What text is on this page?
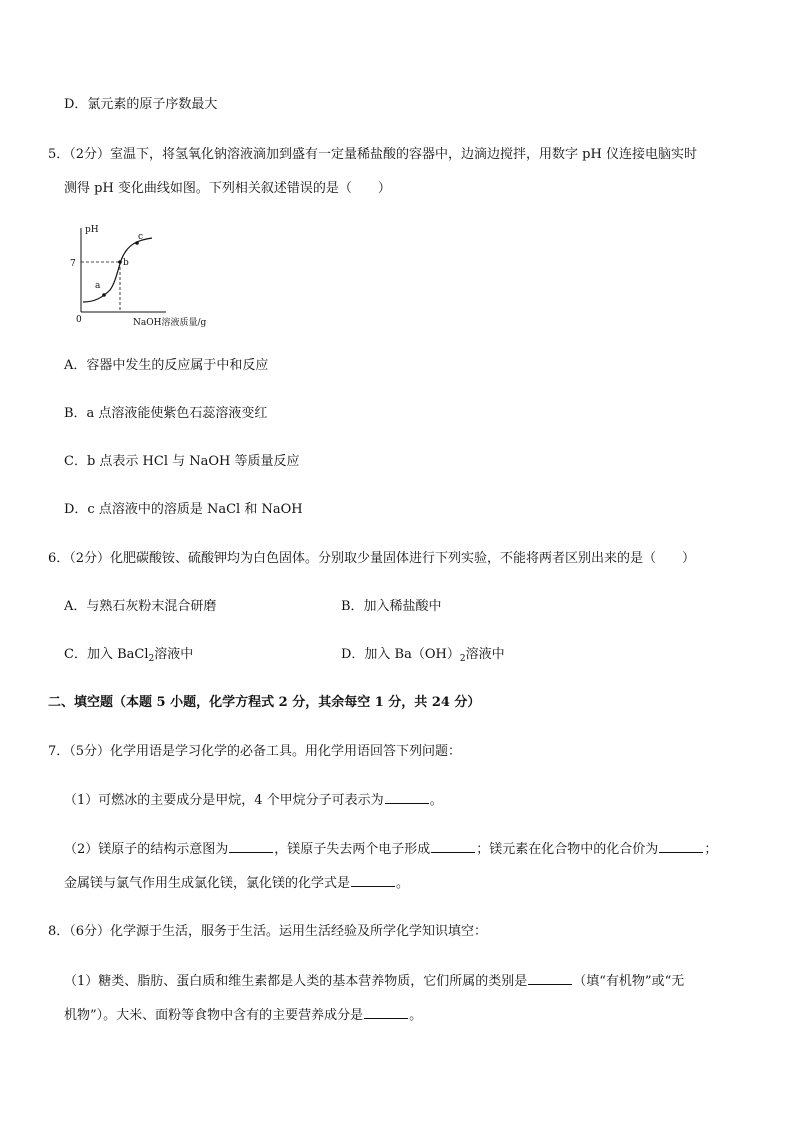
D．氯元素的原子序数最大
5．（2分）室温下，将氢氧化钠溶液滴加到盛有一定量稀盐酸的容器中，边滴边搅拌，用数字 pH 仪连接电脑实时
测得 pH 变化曲线如图。下列相关叙述错误的是（　　）
pH
0
7
a
b
c
NaOH溶液质量/g
A．容器中发生的反应属于中和反应
B．a 点溶液能使紫色石蕊溶液变红
C．b 点表示 HCl 与 NaOH 等质量反应
D．c 点溶液中的溶质是 NaCl 和 NaOH
6．（2分）化肥碳酸铵、硫酸钾均为白色固体。分别取少量固体进行下列实验，不能将两者区别出来的是（　　）
A．与熟石灰粉末混合研磨	B．加入稀盐酸中
C．加入 BaCl$_2$溶液中	D．加入 $Ba(OH)_2$溶液中
二、填空题（本题 5 小题，化学方程式 2 分，其余每空 1 分，共 24 分）
7．（5分）化学用语是学习化学的必备工具。用化学用语回答下列问题：
（1）可燃冰的主要成分是甲烷，4 个甲烷分子可表示为	。
（2）镁原子的结构示意图为	，镁原子失去两个电子形成	；镁元素在化合物中的化合价为	；
金属镁与氯气作用生成氯化镁，氯化镁的化学式是	。
8．（6分）化学源于生活，服务于生活。运用生活经验及所学化学知识填空：
（1）糖类、脂肪、蛋白质和维生素都是人类的基本营养物质，它们所属的类别是	（填“有机物”或“无
机物”）。大米、面粉等食物中含有的主要营养成分是	。
